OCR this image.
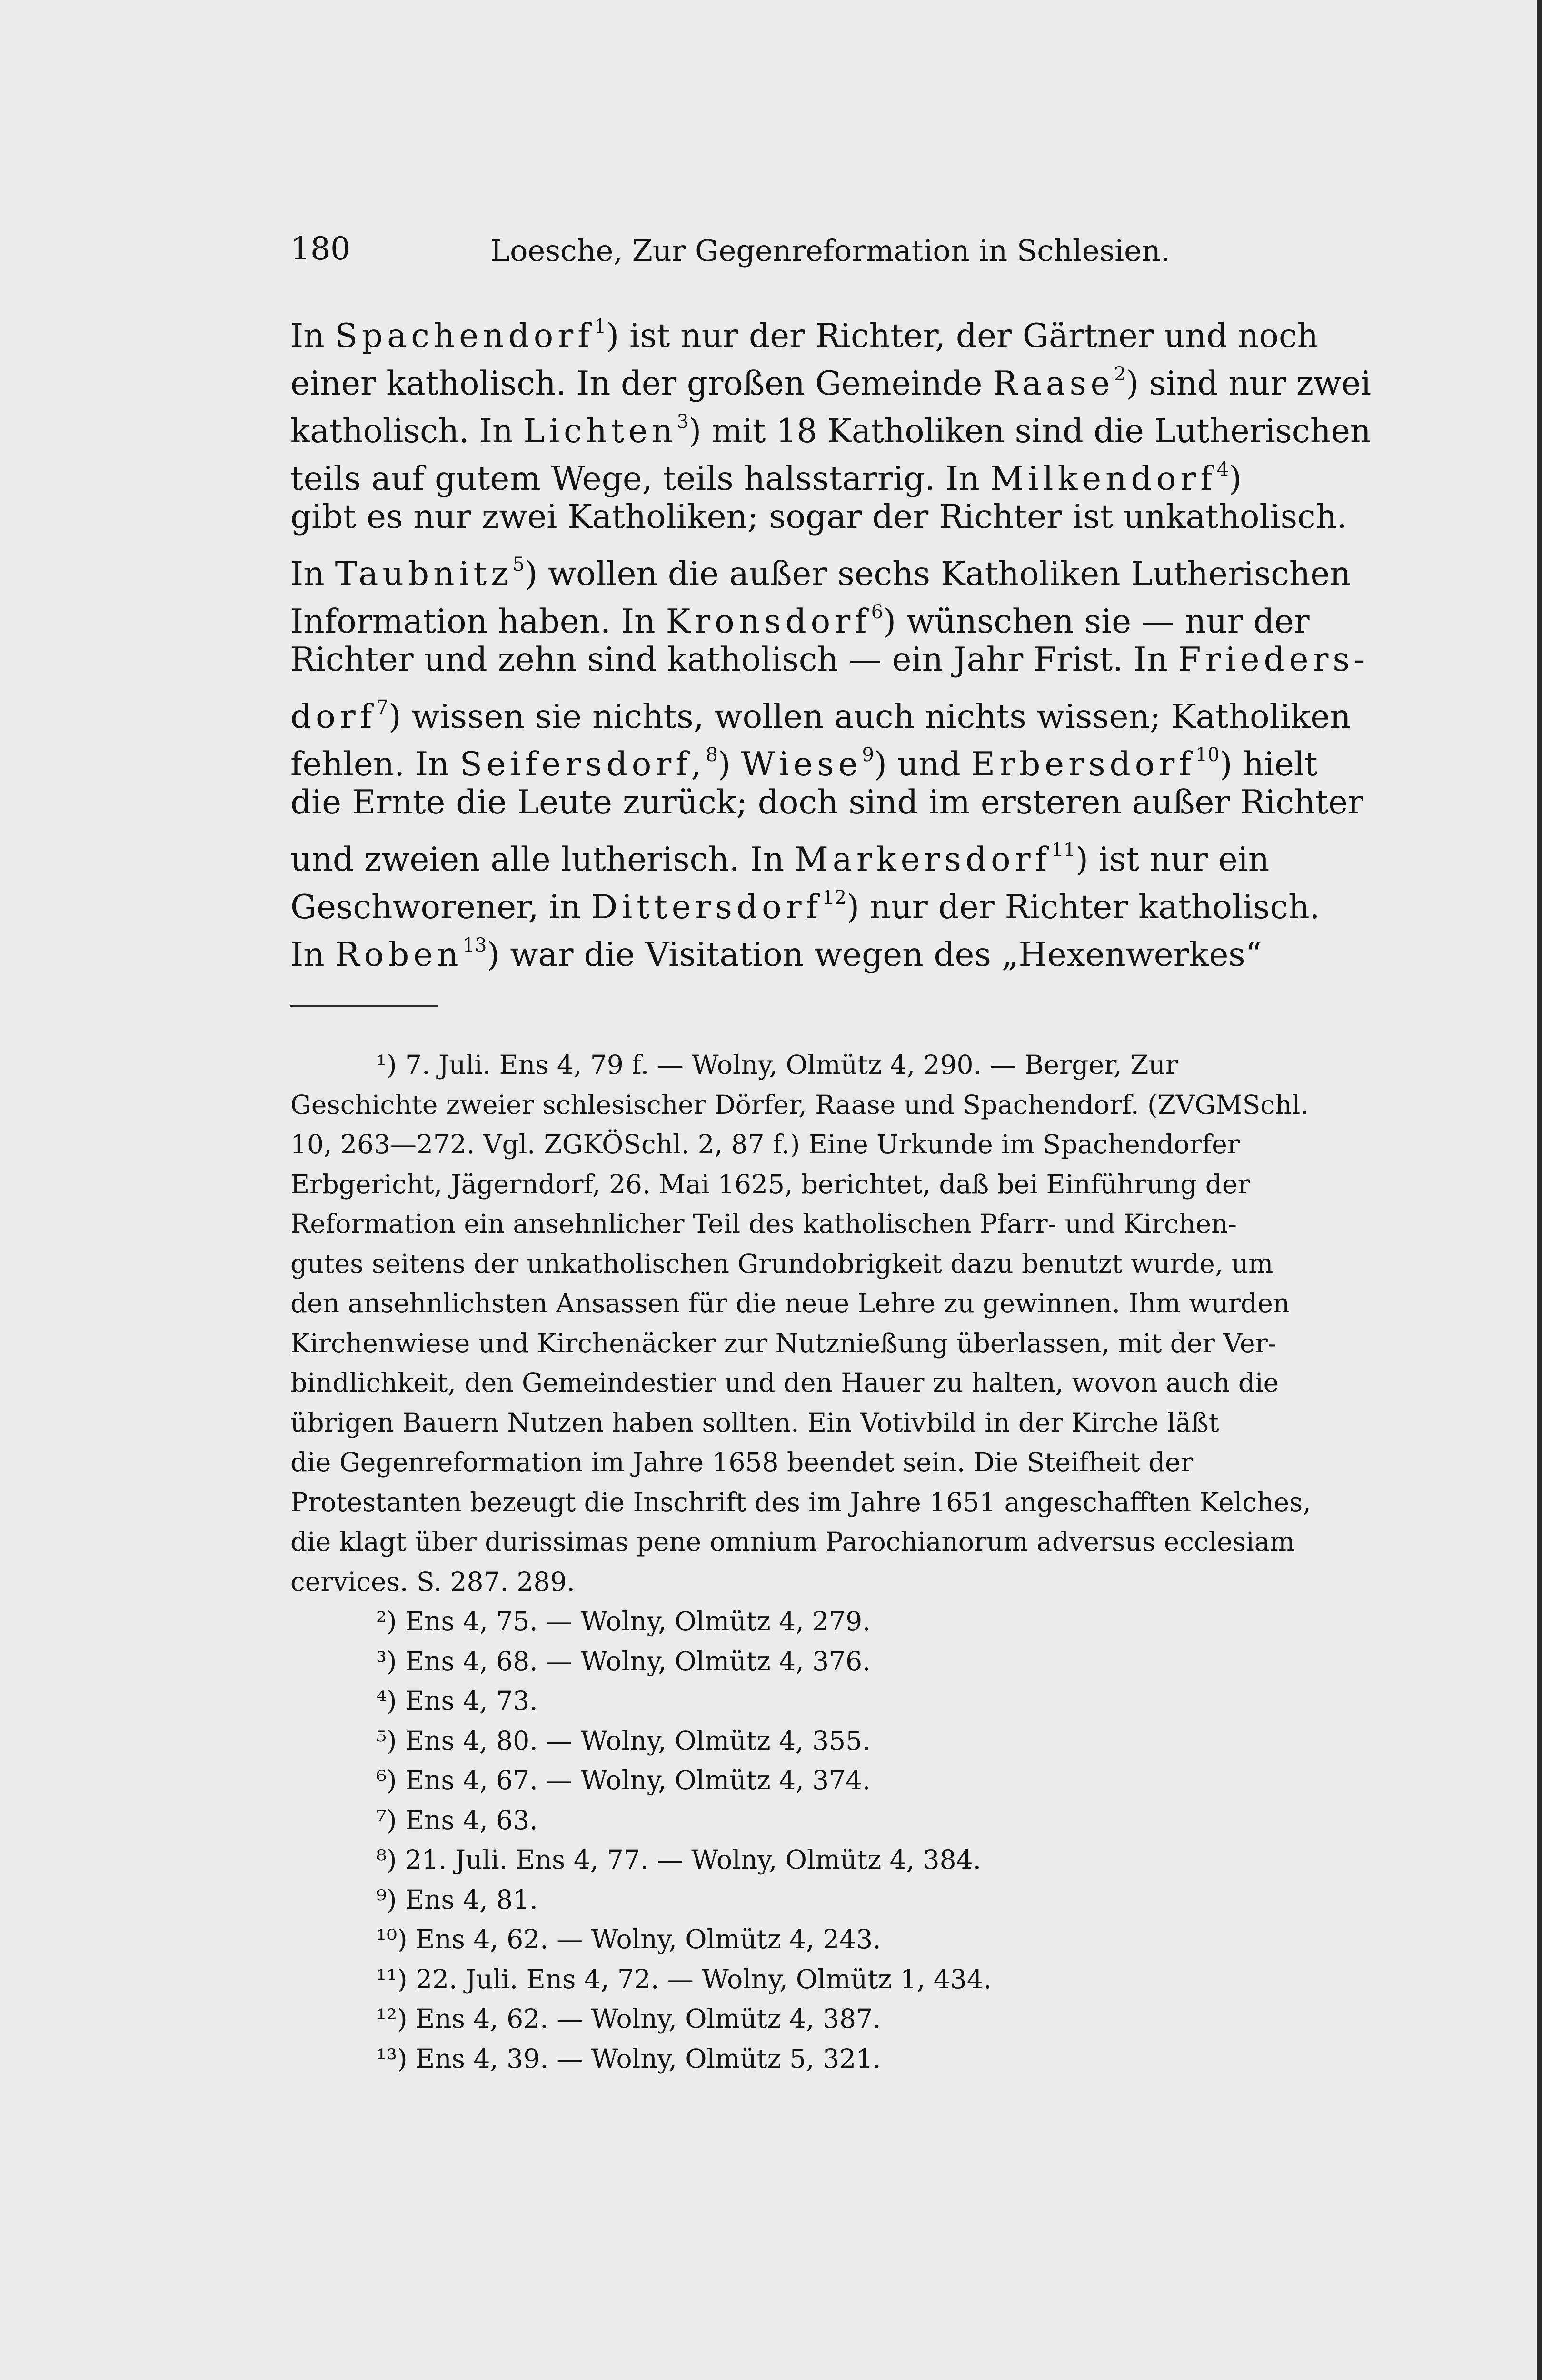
180	Loesche, Zur Gegenreformation in Schlesien.
In Spachendorf$^1$) ist nur der Richter, der Gärtner und noch
einer katholisch. In der großen Gemeinde Raase$^2$) sind nur zwei
katholisch. In Lichten$^3$) mit 18 Katholiken sind die Lutherischen
teils auf gutem Wege, teils halsstarrig. In Milkendorf$^4$)
gibt es nur zwei Katholiken; sogar der Richter ist unkatholisch.
In Taubnitz$^5$) wollen die außer sechs Katholiken Lutherischen
Information haben. In Kronsdorf$^6$) wünschen sie — nur der
Richter und zehn sind katholisch — ein Jahr Frist. In Frieders-
dorf$^7$) wissen sie nichts, wollen auch nichts wissen; Katholiken
fehlen. In Seifersdorf,$^8$) Wiese$^9$) und Erbersdorf$^{10}$) hielt
die Ernte die Leute zurück; doch sind im ersteren außer Richter
und zweien alle lutherisch. In Markersdorf$^{11}$) ist nur ein
Geschworener, in Dittersdorf$^{12}$) nur der Richter katholisch.
In Roben$^{13}$) war die Visitation wegen des „Hexenwerkes“
¹) 7. Juli. Ens 4, 79 f. — Wolny, Olmütz 4, 290. — Berger, Zur
Geschichte zweier schlesischer Dörfer, Raase und Spachendorf. (ZVGMSchl.
10, 263—272. Vgl. ZGKÖSchl. 2, 87 f.) Eine Urkunde im Spachendorfer
Erbgericht, Jägerndorf, 26. Mai 1625, berichtet, daß bei Einführung der
Reformation ein ansehnlicher Teil des katholischen Pfarr- und Kirchen-
gutes seitens der unkatholischen Grundobrigkeit dazu benutzt wurde, um
den ansehnlichsten Ansassen für die neue Lehre zu gewinnen. Ihm wurden
Kirchenwiese und Kirchenäcker zur Nutznießung überlassen, mit der Ver-
bindlichkeit, den Gemeindestier und den Hauer zu halten, wovon auch die
übrigen Bauern Nutzen haben sollten. Ein Votivbild in der Kirche läßt
die Gegenreformation im Jahre 1658 beendet sein. Die Steifheit der
Protestanten bezeugt die Inschrift des im Jahre 1651 angeschafften Kelches,
die klagt über durissimas pene omnium Parochianorum adversus ecclesiam
cervices. S. 287. 289.
²) Ens 4, 75. — Wolny, Olmütz 4, 279.
³) Ens 4, 68. — Wolny, Olmütz 4, 376.
⁴) Ens 4, 73.
⁵) Ens 4, 80. — Wolny, Olmütz 4, 355.
⁶) Ens 4, 67. — Wolny, Olmütz 4, 374.
⁷) Ens 4, 63.
⁸) 21. Juli. Ens 4, 77. — Wolny, Olmütz 4, 384.
⁹) Ens 4, 81.
¹⁰) Ens 4, 62. — Wolny, Olmütz 4, 243.
¹¹) 22. Juli. Ens 4, 72. — Wolny, Olmütz 1, 434.
¹²) Ens 4, 62. — Wolny, Olmütz 4, 387.
¹³) Ens 4, 39. — Wolny, Olmütz 5, 321.
